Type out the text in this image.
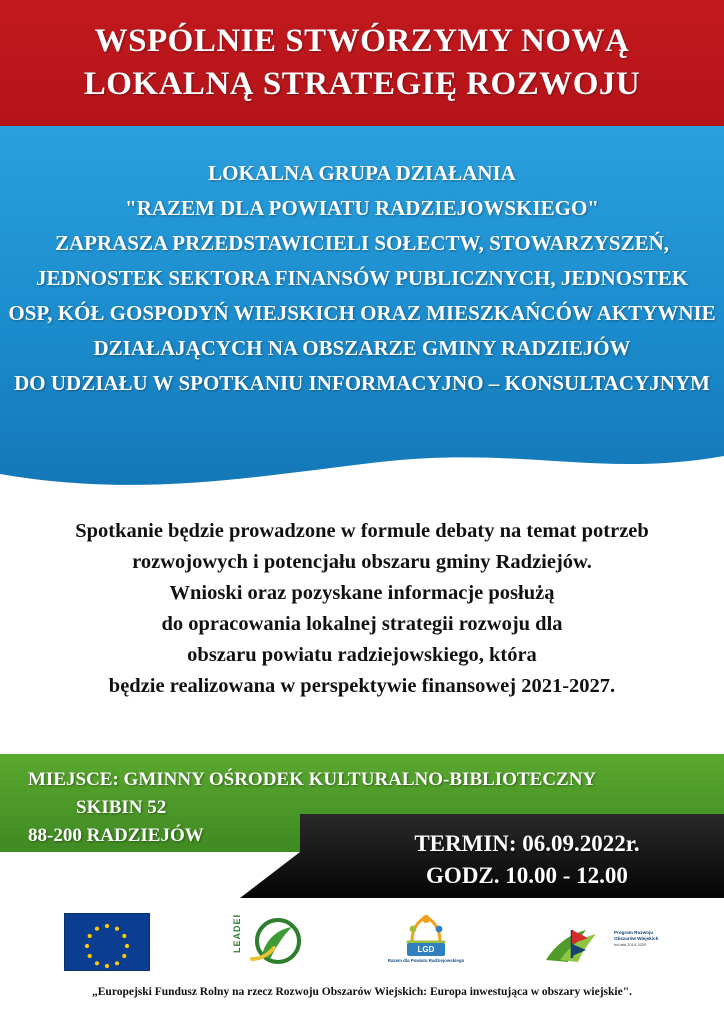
WSPÓLNIE STWÓRZYMY NOWĄ
LOKALNĄ STRATEGIĘ ROZWOJU
LOKALNA GRUPA DZIAŁANIA
"RAZEM DLA POWIATU RADZIEJOWSKIEGO"
ZAPRASZA PRZEDSTAWICIELI SOŁECTW, STOWARZYSZEŃ,
JEDNOSTEK SEKTORA FINANSÓW PUBLICZNYCH, JEDNOSTEK
OSP, KÓŁ GOSPODYŃ WIEJSKICH ORAZ MIESZKAŃCÓW AKTYWNIE
DZIAŁAJĄCYCH NA OBSZARZE GMINY RADZIEJÓW
DO UDZIAŁU W SPOTKANIU INFORMACYJNO – KONSULTACYJNYM
Spotkanie będzie prowadzone w formule debaty na temat potrzeb
rozwojowych i potencjału obszaru gminy Radziejów.
Wnioski oraz pozyskane informacje posłużą
do opracowania lokalnej strategii rozwoju dla
obszaru powiatu radziejowskiego, która
będzie realizowana w perspektywie finansowej 2021-2027.
MIEJSCE: GMINNY OŚRODEK KULTURALNO-BIBLIOTECZNY
SKIBIN 52
88-200 RADZIEJÓW	TERMIN: 06.09.2022r.
GODZ. 10.00 - 12.00
LEADER	LGD
Razem dla Powiatu Radziejowskiego
Program Rozwoju Obszarów Wiejskich
na lata 2014-2020
„Europejski Fundusz Rolny na rzecz Rozwoju Obszarów Wiejskich: Europa inwestująca w obszary wiejskie".
